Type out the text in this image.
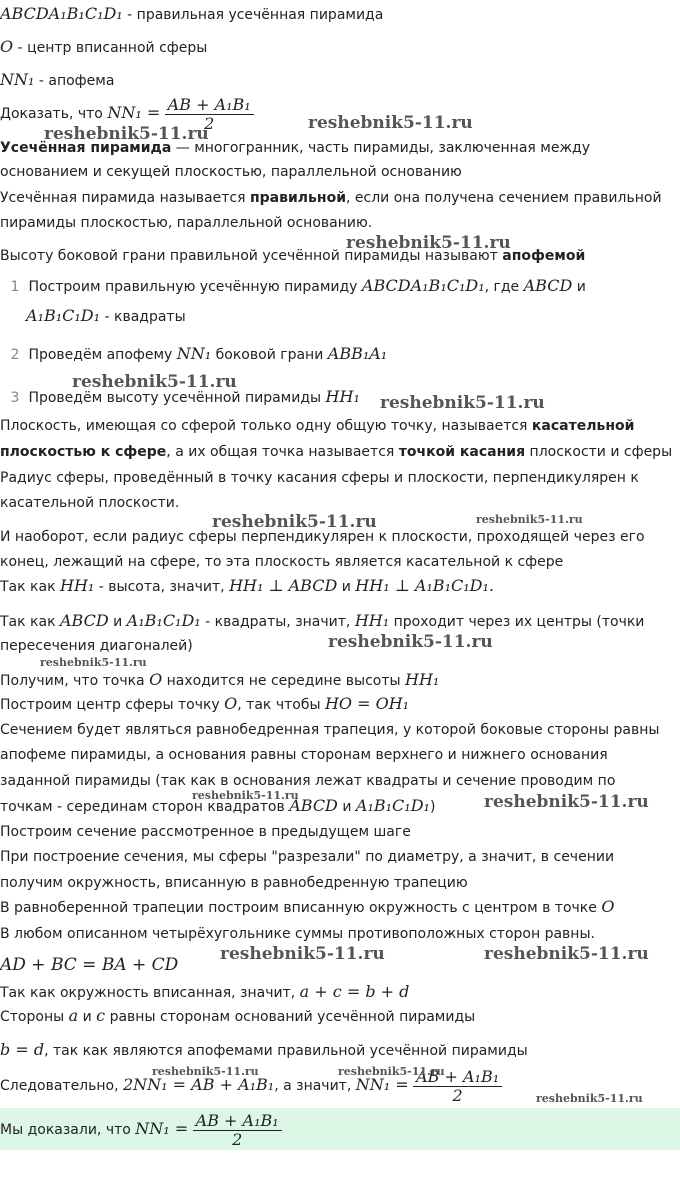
ABCDA₁B₁C₁D₁ - правильная усечённая пирамида
O - центр вписанной сферы
NN₁ - апофема
Доказать, что $NN_1 = \frac{\text{AB + A₁B₁}}{2}$
Усечённая пирамида — многогранник, часть пирамиды, заключенная между
основанием и секущей плоскостью, параллельной основанию
Усечённая пирамида называется правильной, если она получена сечением правильной
пирамиды плоскостью, параллельной основанию.
Высоту боковой грани правильной усечённой пирамиды называют апофемой
1 Построим правильную усечённую пирамиду ABCDA₁B₁C₁D₁, где ABCD и
A₁B₁C₁D₁ - квадраты
2 Проведём апофему NN₁ боковой грани ABB₁A₁
3 Проведём высоту усечённой пирамиды HH₁
Плоскость, имеющая со сферой только одну общую точку, называется касательной
плоскостью к сфере, а их общая точка называется точкой касания плоскости и сферы
Радиус сферы, проведённый в точку касания сферы и плоскости, перпендикулярен к
касательной плоскости.
И наоборот, если радиус сферы перпендикулярен к плоскости, проходящей через его
конец, лежащий на сфере, то эта плоскость является касательной к сфере
Так как HH₁ - высота, значит, HH₁ ⊥ ABCD и HH₁ ⊥ A₁B₁C₁D₁.
Так как ABCD и A₁B₁C₁D₁ - квадраты, значит, HH₁ проходит через их центры (точки
пересечения диагоналей)
Получим, что точка O находится не середине высоты HH₁
Построим центр сферы точку O, так чтобы HO = OH₁
Сечением будет являться равнобедренная трапеция, у которой боковые стороны равны
апофеме пирамиды, а основания равны сторонам верхнего и нижнего основания
заданной пирамиды (так как в основания лежат квадраты и сечение проводим по
точкам - серединам сторон квадратов ABCD и A₁B₁C₁D₁)
Построим сечение рассмотренное в предыдущем шаге
При построение сечения, мы сферы "разрезали" по диаметру, а значит, в сечении
получим окружность, вписанную в равнобедренную трапецию
В равноберенной трапеции построим вписанную окружность с центром в точке O
В любом описанном четырёхугольнике суммы противоположных сторон равны.
AD + BC = BA + CD
Так как окружность вписанная, значит, a + c = b + d
Стороны a и c равны сторонам оснований усечённой пирамиды
b = d, так как являются апофемами правильной усечённой пирамиды
Следовательно, 2NN₁ = AB + A₁B₁, а значит, $NN_1 = \frac{\text{AB + A₁B₁}}{2}$
Мы доказали, что $NN_1 = \frac{\text{AB + A₁B₁}}{2}$
reshebnik5-11.ru
reshebnik5-11.ru
reshebnik5-11.ru
reshebnik5-11.ru
reshebnik5-11.ru
reshebnik5-11.ru	reshebnik5-11.ru
reshebnik5-11.ru
reshebnik5-11.ru
reshebnik5-11.ru	reshebnik5-11.ru
reshebnik5-11.ru	reshebnik5-11.ru
reshebnik5-11.ru	reshebnik5-11.ru
reshebnik5-11.ru
